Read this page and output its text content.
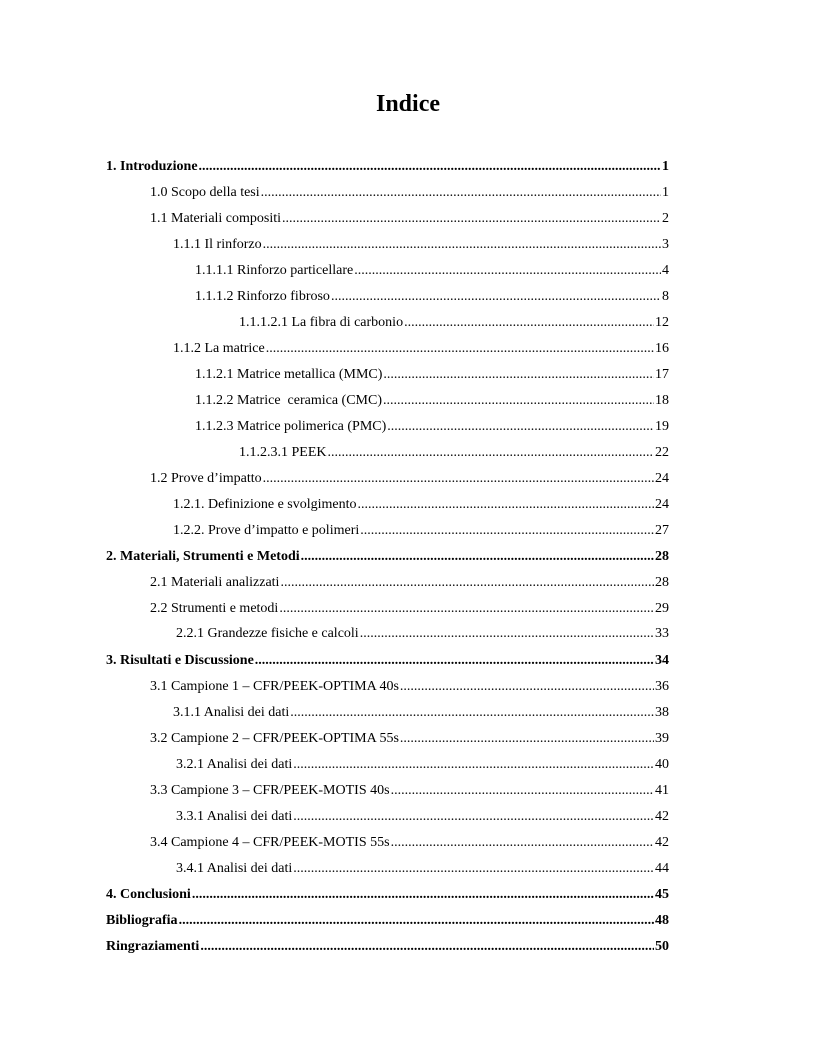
Indice
1. Introduzione .....	1
1.0 Scopo della tesi .....	1
1.1 Materiali compositi .....	2
1.1.1 Il rinforzo .....	3
1.1.1.1 Rinforzo particellare .....	4
1.1.1.2 Rinforzo fibroso .....	8
1.1.1.2.1 La fibra di carbonio .....	12
1.1.2 La matrice .....	16
1.1.2.1 Matrice metallica (MMC) .....	17
1.1.2.2 Matrice  ceramica (CMC) .....	18
1.1.2.3 Matrice polimerica (PMC) .....	19
1.1.2.3.1 PEEK .....	22
1.2 Prove d’impatto .....	24
1.2.1. Definizione e svolgimento .....	24
1.2.2. Prove d’impatto e polimeri .....	27
2. Materiali, Strumenti e Metodi .....	28
2.1 Materiali analizzati .....	28
2.2 Strumenti e metodi .....	29
2.2.1 Grandezze fisiche e calcoli .....	33
3. Risultati e Discussione .....	34
3.1 Campione 1 – CFR/PEEK-OPTIMA 40s .....	36
3.1.1 Analisi dei dati .....	38
3.2 Campione 2 – CFR/PEEK-OPTIMA 55s .....	39
3.2.1 Analisi dei dati .....	40
3.3 Campione 3 – CFR/PEEK-MOTIS 40s .....	41
3.3.1 Analisi dei dati .....	42
3.4 Campione 4 – CFR/PEEK-MOTIS 55s .....	42
3.4.1 Analisi dei dati .....	44
4. Conclusioni .....	45
Bibliografia .....	48
Ringraziamenti .....	50
